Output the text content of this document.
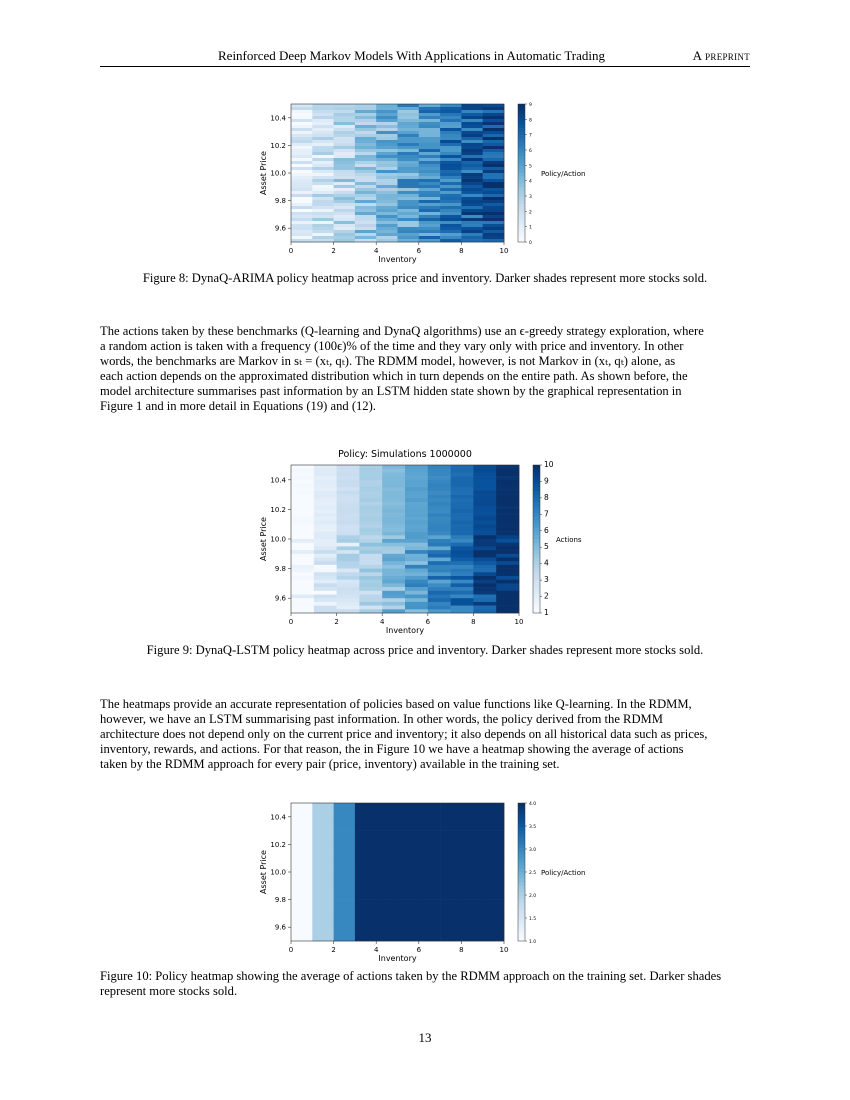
Reinforced Deep Markov Models With Applications in Automatic Trading	A preprint
0	2	4	6	8	10
Inventory
10.4
10.2
10.0
9.8
9.6
Asset Price
0
1
2
3
4
5
6
7
8
9
Policy/Action
Figure 8: DynaQ-ARIMA policy heatmap across price and inventory. Darker shades represent more stocks sold.
The actions taken by these benchmarks (Q-learning and DynaQ algorithms) use an ϵ-greedy strategy exploration, where
a random action is taken with a frequency (100ϵ)% of the time and they vary only with price and inventory. In other
words, the benchmarks are Markov in sₜ = (xₜ, qₜ). The RDMM model, however, is not Markov in (xₜ, qₜ) alone, as
each action depends on the approximated distribution which in turn depends on the entire path. As shown before, the
model architecture summarises past information by an LSTM hidden state shown by the graphical representation in
Figure 1 and in more detail in Equations (19) and (12).
Policy: Simulations 1000000
0	2	4	6	8	10
Inventory
10.4
10.2
10.0
9.8
9.6
Asset Price
1
2
3
4
5
6
7
8
9
10
Actions
Figure 9: DynaQ-LSTM policy heatmap across price and inventory. Darker shades represent more stocks sold.
The heatmaps provide an accurate representation of policies based on value functions like Q-learning. In the RDMM,
however, we have an LSTM summarising past information. In other words, the policy derived from the RDMM
architecture does not depend only on the current price and inventory; it also depends on all historical data such as prices,
inventory, rewards, and actions. For that reason, the in Figure 10 we have a heatmap showing the average of actions
taken by the RDMM approach for every pair (price, inventory) available in the training set.
0	2	4	6	8	10
Inventory
10.4
10.2
10.0
9.8
9.6
Asset Price
1.0
1.5
2.0
2.5
3.0
3.5
4.0
Policy/Action
Figure 10: Policy heatmap showing the average of actions taken by the RDMM approach on the training set. Darker shades represent more stocks sold.
13
